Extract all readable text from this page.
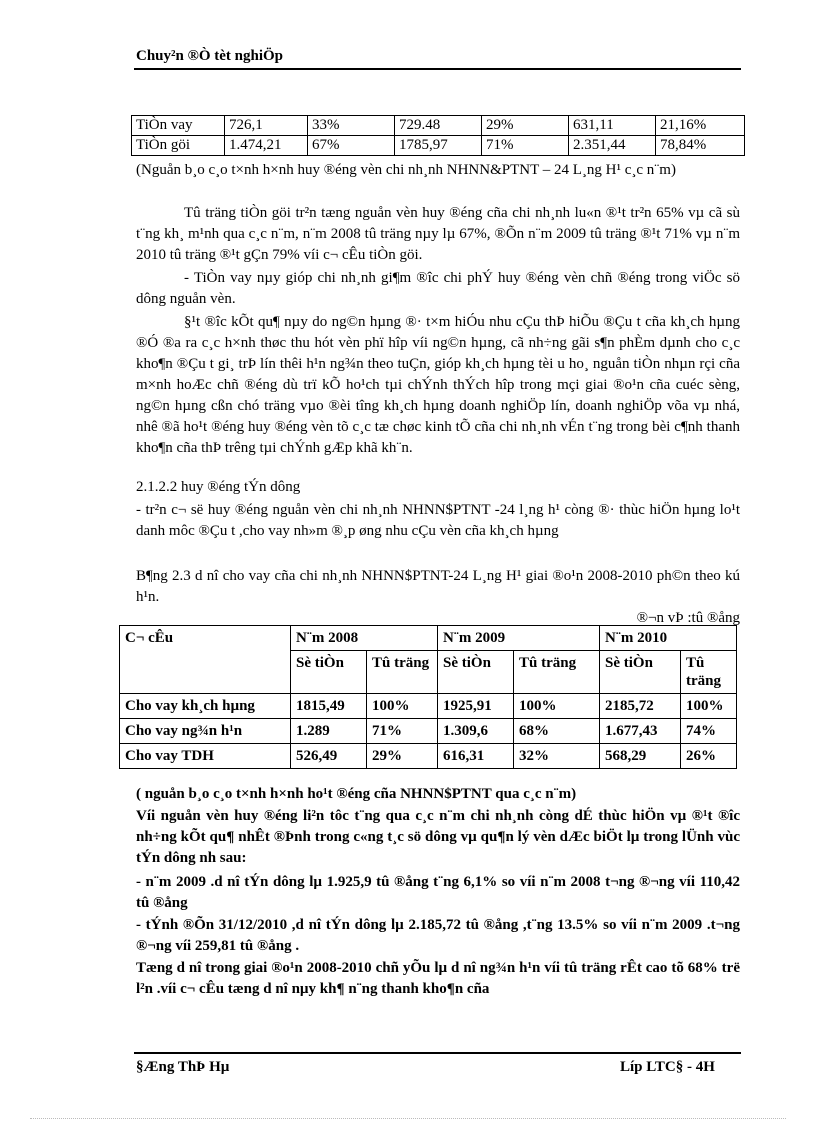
Chuy²n ®Ò tèt nghiÖp
TiÒn vay	726,1	33%	729.48	29%	631,11	21,16%
TiÒn göi	1.474,21	67%	1785,97	71%	2.351,44	78,84%

(Nguån b¸o c¸o t×nh h×nh huy ®éng vèn chi nh¸nh NHNN&PTNT – 24 L¸ng H¹ c¸c n¨m)

Tû träng tiÒn göi tr²n tæng nguån vèn huy ®éng cña chi nh¸nh lu«n ®¹t tr²n 65% vµ cã sù t¨ng kh¸ m¹nh qua c¸c n¨m, n¨m 2008 tû träng nµy lµ 67%, ®Õn n¨m 2009 tû träng ®¹t 71% vµ n¨m 2010 tû träng ®¹t gÇn 79% víi c¬ cÊu tiÒn göi.

- TiÒn vay nµy gióp chi nh¸nh gi¶m ®îc chi phÝ huy ®éng vèn chñ ®éng trong viÖc sö dông nguån vèn.

§¹t ®îc kÕt qu¶ nµy do ng©n hµng ®· t×m hiÓu nhu cÇu thÞ hiÕu ®Çu t cña kh¸ch hµng ®Ó ®a ra c¸c h×nh thøc thu hót vèn phï hîp víi ng©n hµng, cã nh÷ng gãi s¶n phÈm dµnh cho c¸c kho¶n ®Çu t gi¸ trÞ lín thêi h¹n ng¾n theo tuÇn, gióp kh¸ch hµng tèi u ho¸ nguån tiÒn nhµn rçi cña m×nh hoÆc chñ ®éng dù trï kÕ ho¹ch tµi chÝnh thÝch hîp trong mçi giai ®o¹n cña cuéc sèng, ng©n hµng cßn chó träng vµo ®èi tîng kh¸ch hµng doanh nghiÖp lín, doanh nghiÖp võa vµ nhá, nhê ®ã ho¹t ®éng huy ®éng vèn tõ c¸c tæ chøc kinh tÕ cña chi nh¸nh vÉn t¨ng trong bèi c¶nh thanh kho¶n cña thÞ trêng tµi chÝnh gÆp khã kh¨n.

2.1.2.2 huy ®éng tÝn dông

- tr²n c¬ së huy ®éng nguån vèn chi nh¸nh NHNN$PTNT -24 l¸ng h¹ còng ®· thùc hiÖn hµng lo¹t danh môc ®Çu t ,cho vay nh»m ®¸p øng nhu cÇu vèn cña kh¸ch hµng

B¶ng 2.3 d nî cho vay cña chi nh¸nh NHNN$PTNT-24 L¸ng H¹ giai ®o¹n 2008-2010 ph©n theo kú h¹n.

®¬n vÞ :tû ®ång

C¬ cÊu	N¨m 2008		N¨m 2009		N¨m 2010	
	Sè tiÒn	Tû träng	Sè tiÒn	Tû träng	Sè tiÒn	Tû träng
Cho vay kh¸ch hµng	1815,49	100%	1925,91	100%	2185,72	100%
Cho vay ng¾n h¹n	1.289	71%	1.309,6	68%	1.677,43	74%
Cho vay TDH	526,49	29%	616,31	32%	568,29	26%

( nguån b¸o c¸o t×nh h×nh ho¹t ®éng cña NHNN$PTNT qua c¸c n¨m)

Víi nguån vèn huy ®éng li²n tôc t¨ng qua c¸c n¨m chi nh¸nh còng dÉ thùc hiÖn vµ ®¹t ®îc nh÷ng kÕt qu¶ nhÊt ®Þnh trong c«ng t¸c sö dông vµ qu¶n lý vèn dÆc biÖt lµ trong lÜnh vùc tÝn dông nh sau:

- n¨m 2009 .d nî tÝn dông lµ 1.925,9 tû ®ång t¨ng 6,1% so víi n¨m 2008 t¬ng ®¬ng víi 110,42 tû ®ång

- tÝnh ®Õn 31/12/2010 ,d nî tÝn dông lµ 2.185,72 tû ®ång ,t¨ng 13.5% so víi n¨m 2009 .t¬ng ®¬ng víi 259,81 tû ®ång .

Tæng d nî trong giai ®o¹n 2008-2010 chñ yÕu lµ d nî ng¾n h¹n víi tû träng rÊt cao tõ 68% trë l²n .víi c¬ cÊu tæng d nî nµy kh¶ n¨ng thanh kho¶n cña

§Æng ThÞ Hµ	Líp LTC§ - 4H
